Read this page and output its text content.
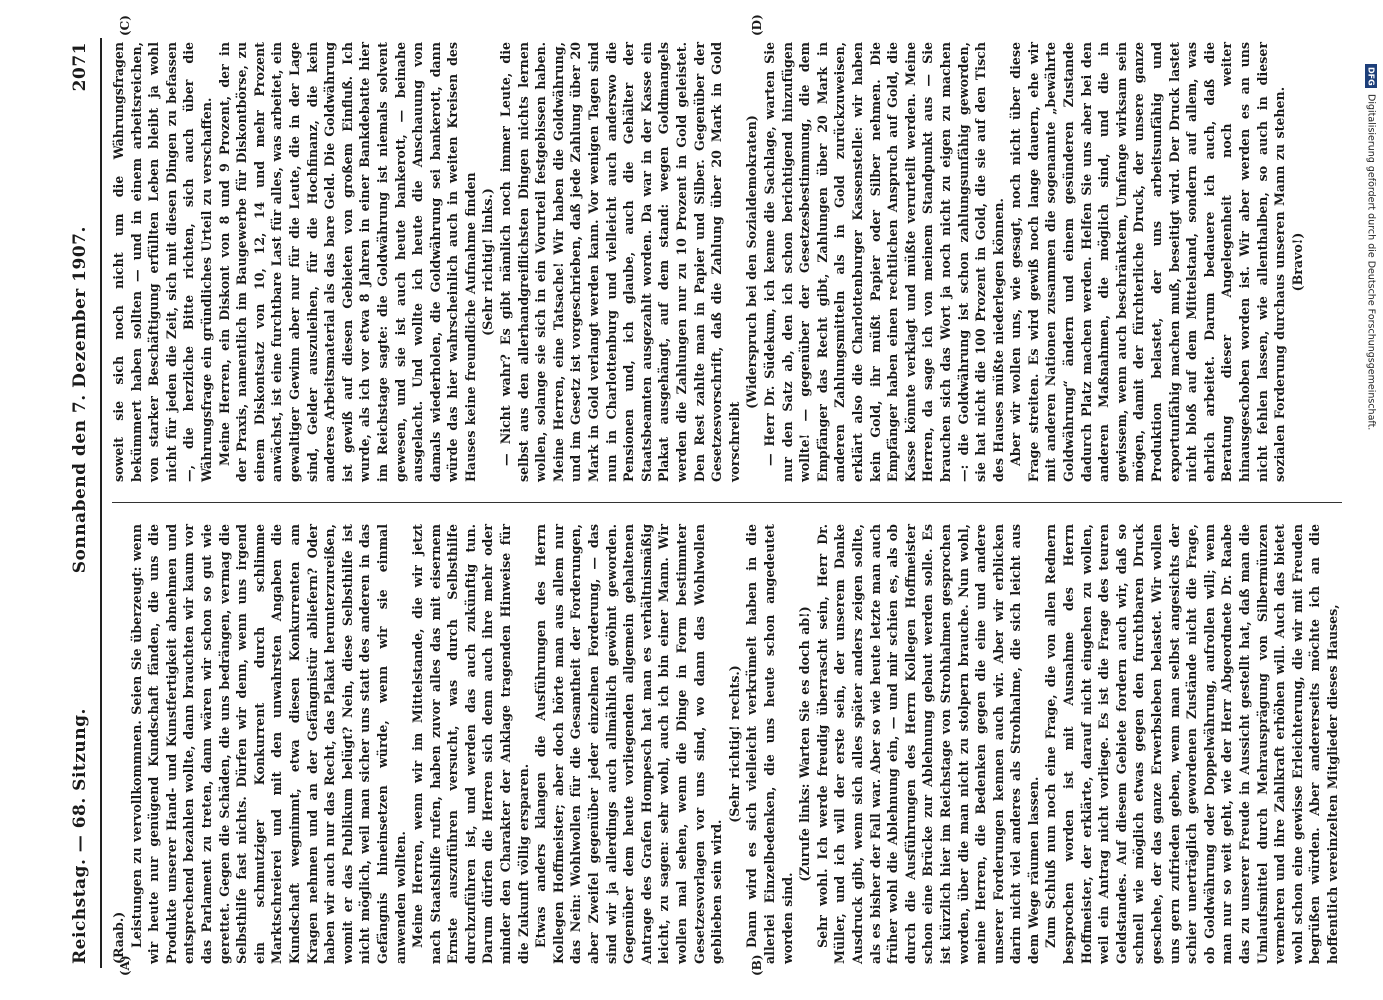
Reichstag. — 68. Sitzung.
Sonnabend den 7. Dezember 1907.
2071
(A)	(B)
(C)	(D)

(Raab.) Leistungen zu vervollkommnen. Seien Sie überzeugt: wenn wir heute nur genügend Kundschaft fänden, die uns die Produkte unserer Hand- und Kunstfertigkeit abnehmen und entsprechend bezahlen wollte, dann brauchten wir kaum vor das Parlament zu treten, dann wären wir schon so gut wie gerettet. Gegen die Schäden, die uns bedrängen, vermag die Selbsthilfe fast nichts. Dürfen wir denn, wenn uns irgend ein schmutziger Konkurrent durch schlimme Marktschreierei und mit den unwahrsten Angaben die Kundschaft wegnimmt, etwa diesen Konkurrenten am Kragen nehmen und an der Gefängnistür abliefern? Oder haben wir auch nur das Recht, das Plakat herunterzureißen, womit er das Publikum belügt? Nein, diese Selbsthilfe ist nicht möglich, weil man sicher uns statt des anderen in das Gefängnis hineinsetzen würde, wenn wir sie einmal anwenden wollten. Meine Herren, wenn wir im Mittelstande, die wir jetzt nach Staatshilfe rufen, haben zuvor alles das mit eisernem Ernste auszuführen versucht, was durch Selbsthilfe durchzuführen ist, und werden das auch zukünftig tun. Darum dürfen die Herren sich denn auch ihre mehr oder minder den Charakter der Anklage tragenden Hinweise für die Zukunft völlig ersparen. Etwas anders klangen die Ausführungen des Herrn Kollegen Hoffmeister; aber doch hörte man aus allem nur das Nein: Wohlwollen für die Gesamtheit der Forderungen, aber Zweifel gegenüber jeder einzelnen Forderung, — das sind wir ja allerdings auch allmählich gewöhnt geworden. Gegenüber dem heute vorliegenden allgemein gehaltenen Antrage des Grafen Hompesch hat man es verhältnismäßig leicht, zu sagen: sehr wohl, auch ich bin einer Mann. Wir wollen mal sehen, wenn die Dinge in Form bestimmter Gesetzesvorlagen vor uns sind, wo dann das Wohlwollen geblieben sein wird.

(Sehr richtig! rechts.) Dann wird es sich vielleicht verkrümelt haben in die allerlei Einzelbedenken, die uns heute schon angedeutet worden sind.

(Zurufe links: Warten Sie es doch ab!) Sehr wohl. Ich werde freudig überrascht sein, Herr Dr. Müller, und ich will der erste sein, der unserem Danke Ausdruck gibt, wenn sich alles später anders zeigen sollte, als es bisher der Fall war. Aber so wie heute letzte man auch früher wohl die Ablehnung ein, — und mir schien es, als ob durch die Ausführungen des Herrn Kollegen Hoffmeister schon eine Brücke zur Ablehnung gebaut werden solle. Es ist kürzlich hier im Reichstage von Strohhalmen gesprochen worden, über die man nicht zu stolpern brauche. Nun wohl, meine Herren, die Bedenken gegen die eine und andere unserer Forderungen kennen auch wir. Aber wir erblicken darin nicht viel anderes als Strohhalme, die sich leicht aus dem Wege räumen lassen. Zum Schluß nun noch eine Frage, die von allen Rednern besprochen worden ist mit Ausnahme des Herrn Hoffmeister, der erklärte, darauf nicht eingehen zu wollen, weil ein Antrag nicht vorliege. Es ist die Frage des teuren Geldstandes. Auf diesem Gebiete fordern auch wir, daß so schnell wie möglich etwas gegen den furchtbaren Druck geschehe, der das ganze Erwerbsleben belastet. Wir wollen uns gern zufrieden geben, wenn man selbst angesichts der schier unerträglich gewordenen Zustände nicht die Frage, ob Goldwährung oder Doppelwährung, aufrollen will; wenn man nur so weit geht, wie der Herr Abgeordnete Dr. Raabe das zu unserer Freude in Aussicht gestellt hat, daß man die Umlaufsmittel durch Mehrausprägung von Silbermünzen vermehren und ihre Zahlkraft erhöhen will. Auch das bietet wohl schon eine gewisse Erleichterung, die wir mit Freuden begrüßen würden. Aber andererseits möchte ich an die hoffentlich vereinzelten Mitglieder dieses Hauses,

soweit sie sich noch nicht um die Währungsfragen bekümmert haben sollten — und in einem arbeitsreichen, von starker Beschäftigung erfüllten Leben bleibt ja wohl nicht für jeden die Zeit, sich mit diesen Dingen zu befassen —, die herzliche Bitte richten, sich auch über die Währungsfrage ein gründliches Urteil zu verschaffen. Meine Herren, ein Diskont von 8 und 9 Prozent, der in der Praxis, namentlich im Baugewerbe für Diskontbörse, zu einem Diskontsatz von 10, 12, 14 und mehr Prozent anwächst, ist eine furchtbare Last für alles, was arbeitet, ein gewaltiger Gewinn aber nur für die Leute, die in der Lage sind, Gelder auszuleihen, für die Hochfinanz, die kein anderes Arbeitsmaterial als das bare Geld. Die Goldwährung ist gewiß auf diesen Gebieten von großem Einfluß. Ich wurde, als ich vor etwa 8 Jahren in einer Bankdebatte hier im Reichstage sagte: die Goldwährung ist niemals solvent gewesen, und sie ist auch heute bankerott, — beinahe ausgelacht. Und wollte ich heute die Anschauung von damals wiederholen, die Goldwährung sei bankerott, dann würde das hier wahrscheinlich auch in weiten Kreisen des Hauses keine freundliche Aufnahme finden (Sehr richtig! links.) — Nicht wahr? Es gibt nämlich noch immer Leute, die selbst aus den allerhandgreiflichsten Dingen nichts lernen wollen, solange sie sich in ein Vorurteil festgebissen haben. Meine Herren, eine Tatsache! Wir haben die Goldwährung, und im Gesetz ist vorgeschrieben, daß jede Zahlung über 20 Mark in Gold verlangt werden kann. Vor wenigen Tagen sind nun in Charlottenburg und vielleicht auch anderswo die Pensionen und, ich glaube, auch die Gehälter der Staatsbeamten ausgezahlt worden. Da war in der Kasse ein Plakat ausgehängt, auf dem stand: wegen Goldmangels werden die Zahlungen nur zu 10 Prozent in Gold geleistet. Den Rest zahlte man in Papier und Silber. Gegenüber der Gesetzesvorschrift, daß die Zahlung über 20 Mark in Gold vorschreibt

(Widerspruch bei den Sozialdemokraten) — Herr Dr. Südekum, ich kenne die Sachlage, warten Sie nur den Satz ab, den ich schon berichtigend hinzufügen wollte! — gegenüber der Gesetzesbestimmung, die dem Empfänger das Recht gibt, Zahlungen über 20 Mark in anderen Zahlungsmitteln als in Gold zurückzuweisen, erklärt also die Charlottenburger Kassenstelle: wir haben kein Gold, ihr müßt Papier oder Silber nehmen. Die Empfänger haben einen rechtlichen Anspruch auf Gold, die Kasse könnte verklagt und müßte verurteilt werden. Meine Herren, da sage ich von meinem Standpunkt aus — Sie brauchen sich das Wort ja noch nicht zu eigen zu machen —: die Goldwährung ist schon zahlungsunfähig geworden, sie hat nicht die 100 Prozent in Gold, die sie auf den Tisch des Hauses müßte niederlegen können. Aber wir wollen uns, wie gesagt, noch nicht über diese Frage streiten. Es wird gewiß noch lange dauern, ehe wir mit anderen Nationen zusammen die sogenannte „bewährte Goldwährung“ ändern und einem gesünderen Zustande dadurch Platz machen werden. Helfen Sie uns aber bei den anderen Maßnahmen, die möglich sind, und die in gewissem, wenn auch beschränktem, Umfange wirksam sein mögen, damit der fürchterliche Druck, der unsere ganze Produktion belastet, der uns arbeitsunfähig und exportunfähig machen muß, beseitigt wird. Der Druck lastet nicht bloß auf dem Mittelstand, sondern auf allem, was ehrlich arbeitet. Darum bedauere ich auch, daß die Beratung dieser Angelegenheit noch weiter hinausgeschoben worden ist. Wir aber werden es an uns nicht fehlen lassen, wie allenthalben, so auch in dieser sozialen Forderung durchaus unseren Mann zu stehen. (Bravo!)

DFG
Digitalisierung gefördert durch die Deutsche Forschungsgemeinschaft.
